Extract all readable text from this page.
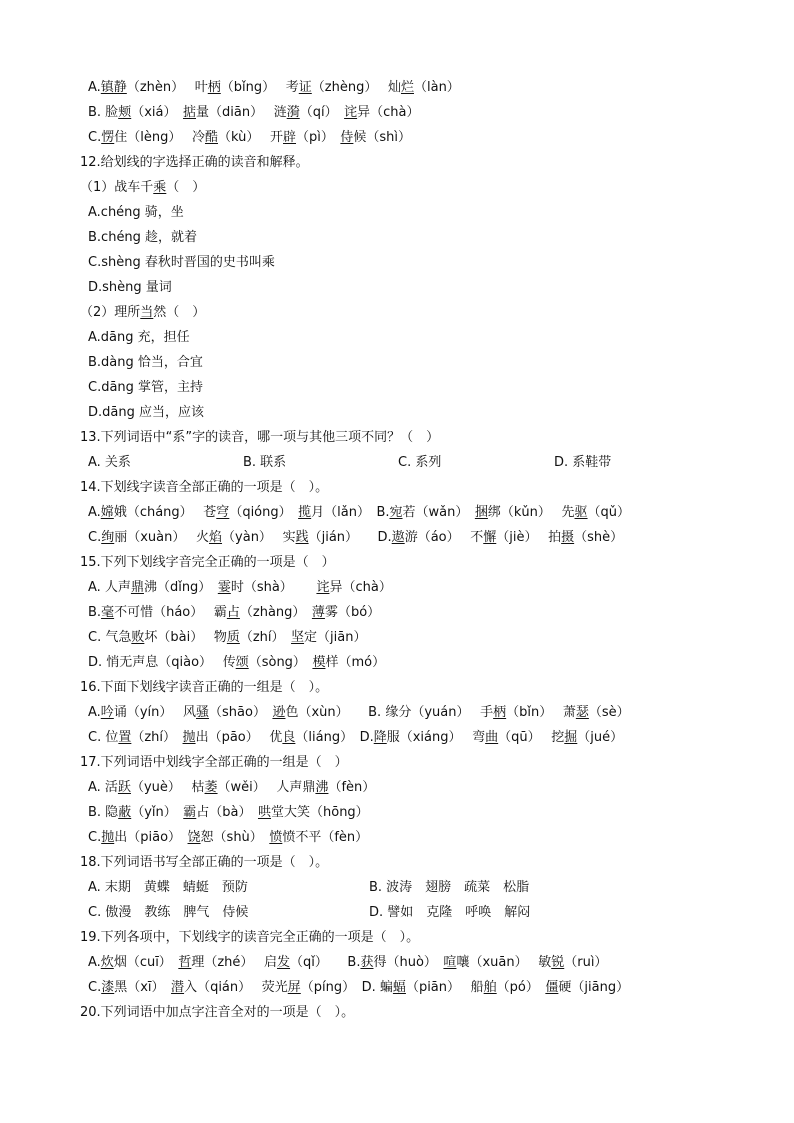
A. 镇静 （zhèn）　 叶 柄 （bǐng）　 考 证 （zhèng）　 灿 烂 （làn）
B. 脸 颊 （xiá）　 掂 量（diān）　 涟 漪 （qí）　 诧 异（chà）
C. 愣 住（lèng）　 冷 酷 （kù）　 开 辟 （pì）　 侍 候（shì）
12.给划线的字选择正确的读音和解释。
（1）战车千 乘 （　）
A.chéng 骑，坐
B.chéng 趁，就着
C.shèng 春秋时晋国的史书叫乘
D.shèng 量词
（2）理所 当 然（　）
A.dāng 充，担任
B.dàng 恰当，合宜
C.dāng 掌管，主持
D.dāng 应当，应该
13.下列词语中“系”字的读音，哪一项与其他三项不同？（　）
14.下划线字读音全部正确的一项是（　）。
A. 嫦 娥（cháng）　 苍 穹 （qióng）　 揽 月（lǎn）　B. 宛 若（wǎn）　 捆 绑（kǔn）　 先 驱 （qǔ）
C. 绚 丽（xuàn）　 火 焰 （yàn）　 实 践 （jián）　　D. 遨 游（áo）　 不 懈 （jiè）　 拍 摄 （shè）
15.下列下划线字音完全正确的一项是（　）
A. 人声 鼎 沸（dǐng）　 霎 时（shà）　 　 诧 异（chà）
B. 毫 不可惜（háo）　 霸 占 （zhàng）　 薄 雾（bó）
C. 气急 败 坏（bài）　 物 质 （zhí）　 坚 定（jiān）
D. 悄无声息（qiào）　 传 颂 （sòng）　 模 样（mó）
16.下面下划线字读音正确的一组是（　）。
A. 吟 诵（yín）　 风 骚 （shāo）　 逊 色（xùn）　　B. 缘分（yuán）　 手 柄 （bǐn）　 萧 瑟 （sè）
C. 位 置 （zhí）　 抛 出（pāo）　 优 良 （liáng）　D. 降 服（xiáng）　 弯 曲 （qū）　 挖 掘 （jué）
17.下列词语中划线字全部正确的一组是（　）
A. 活 跃 （yuè）　 枯 萎 （wěi）　 人声鼎 沸 （fèn）
B. 隐 蔽 （yǐn）　 霸 占（bà）　 哄 堂大笑（hōng）
C. 抛 出（piāo）　 饶 恕（shù）　 愤 愤不平（fèn）
18.下列词语书写全部正确的一项是（　）。
19.下列各项中，下划线字的读音完全正确的一项是（　）。
A. 炊 烟（cuī）　 哲 理（zhé）　 启 发 （qǐ）　　B. 获 得（huò）　 喧 嚷（xuān）　 敏 锐 （ruì）
C. 漆 黑（xī）　 潜 入（qián）　 荧光 屏 （píng）　D. 蝙 蝠 （piān）　 船 舶 （pó）　 僵 硬（jiāng）
20.下列词语中加点字注音全对的一项是（　）。
A. 关系	B. 联系	C. 系列	D. 系鞋带
A. 末期　黄蝶　蜻蜓　预防	B. 波涛　翅膀　疏菜　松脂
C. 傲漫　教练　脾气　侍候	D. 譬如　克隆　呼唤　解闷
